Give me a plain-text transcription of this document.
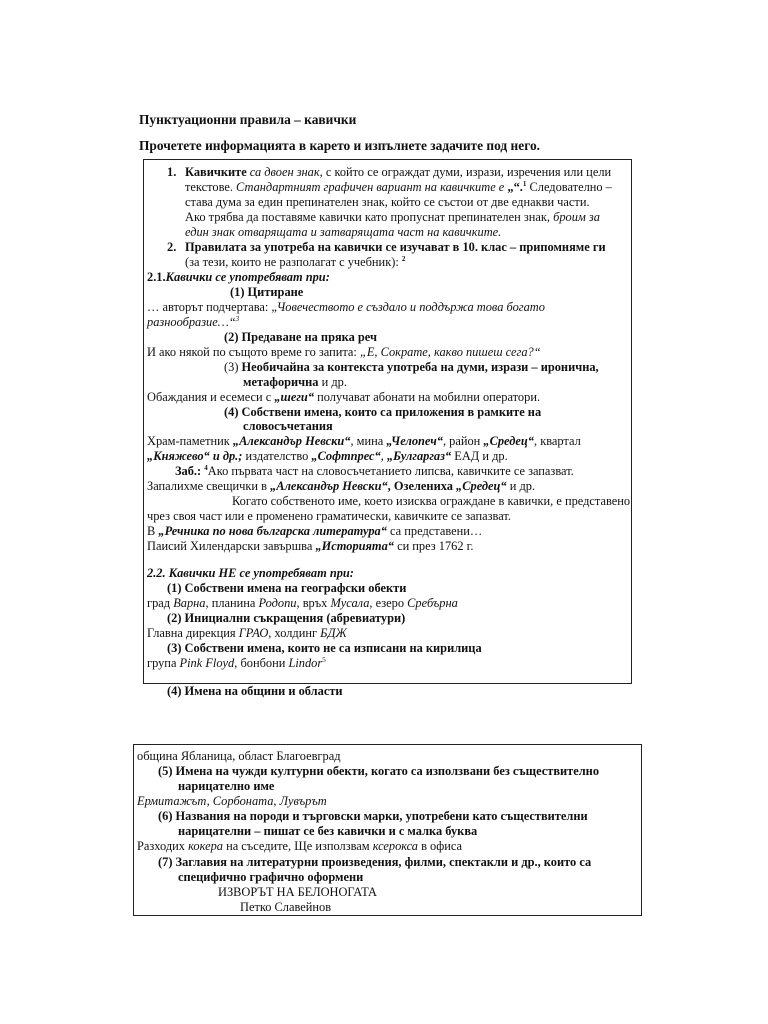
Пунктуационни правила – кавички
Прочетете информацията в карето и изпълнете задачите под него.
1. Кавичките са двоен знак, с който се ограждат думи, изрази, изречения или цели
текстове. Стандартният графичен вариант на кавичките е „“.$^1$ Следователно –
става дума за един препинателен знак, който се състои от две еднакви части.
Ако трябва да поставяме кавички като пропуснат препинателен знак, броим за
един знак отварящата и затварящата част на кавичките.
2. Правилата за употреба на кавички се изучават в 10. клас – припомняме ги
(за тези, които не разполагат с учебник): $^2$
2.1.Кавички се употребяват при:
(1) Цитиране
… авторът подчертава: „Човечеството е създало и поддържа това богато
разнообразие…“$^3$
(2) Предаване на пряка реч
И ако някой по същото време го запита: „Е, Сократе, какво пишеш сега?“
(3) Необичайна за контекста употреба на думи, изрази – иронична,
метафорична и др.
Обаждания и есемеси с „шеги“ получават абонати на мобилни оператори.
(4) Собствени имена, които са приложения в рамките на
словосъчетания
Храм-паметник „Александър Невски“, мина „Челопеч“, район „Средец“, квартал
„Княжево“ и др.; издателство „Софтпрес“, „Булгаргаз“ ЕАД и др.
Заб.: $^4$Ако първата част на словосъчетанието липсва, кавичките се запазват.
Запалихме свещички в „Александър Невски“, Озелениха „Средец“ и др.
Когато собственото име, което изисква ограждане в кавички, е представено
чрез своя част или е променено граматически, кавичките се запазват.
В „Речника по нова българска литература“ са представени…
Паисий Хилендарски завършва „Историята“ си през 1762 г.
2.2. Кавички НЕ се употребяват при:
(1) Собствени имена на географски обекти
град Варна, планина Родопи, връх Мусала, езеро Сребърна
(2) Инициални съкращения (абревиатури)
Главна дирекция ГРАО, холдинг БДЖ
(3) Собствени имена, които не са изписани на кирилица
група Pink Floyd, бонбони Lindor$^5$
(4) Имена на общини и области
община Ябланица, област Благоевград
(5) Имена на чужди културни обекти, когато са използвани без съществително
нарицателно име
Ермитажът, Сорбоната, Лувърът
(6) Названия на породи и търговски марки, употребени като съществителни
нарицателни – пишат се без кавички и с малка буква
Разходих кокера на съседите, Ще използвам ксерокса в офиса
(7) Заглавия на литературни произведения, филми, спектакли и др., които са
специфично графично оформени
ИЗВОРЪТ НА БЕЛОНОГАТА
Петко Славейнов
